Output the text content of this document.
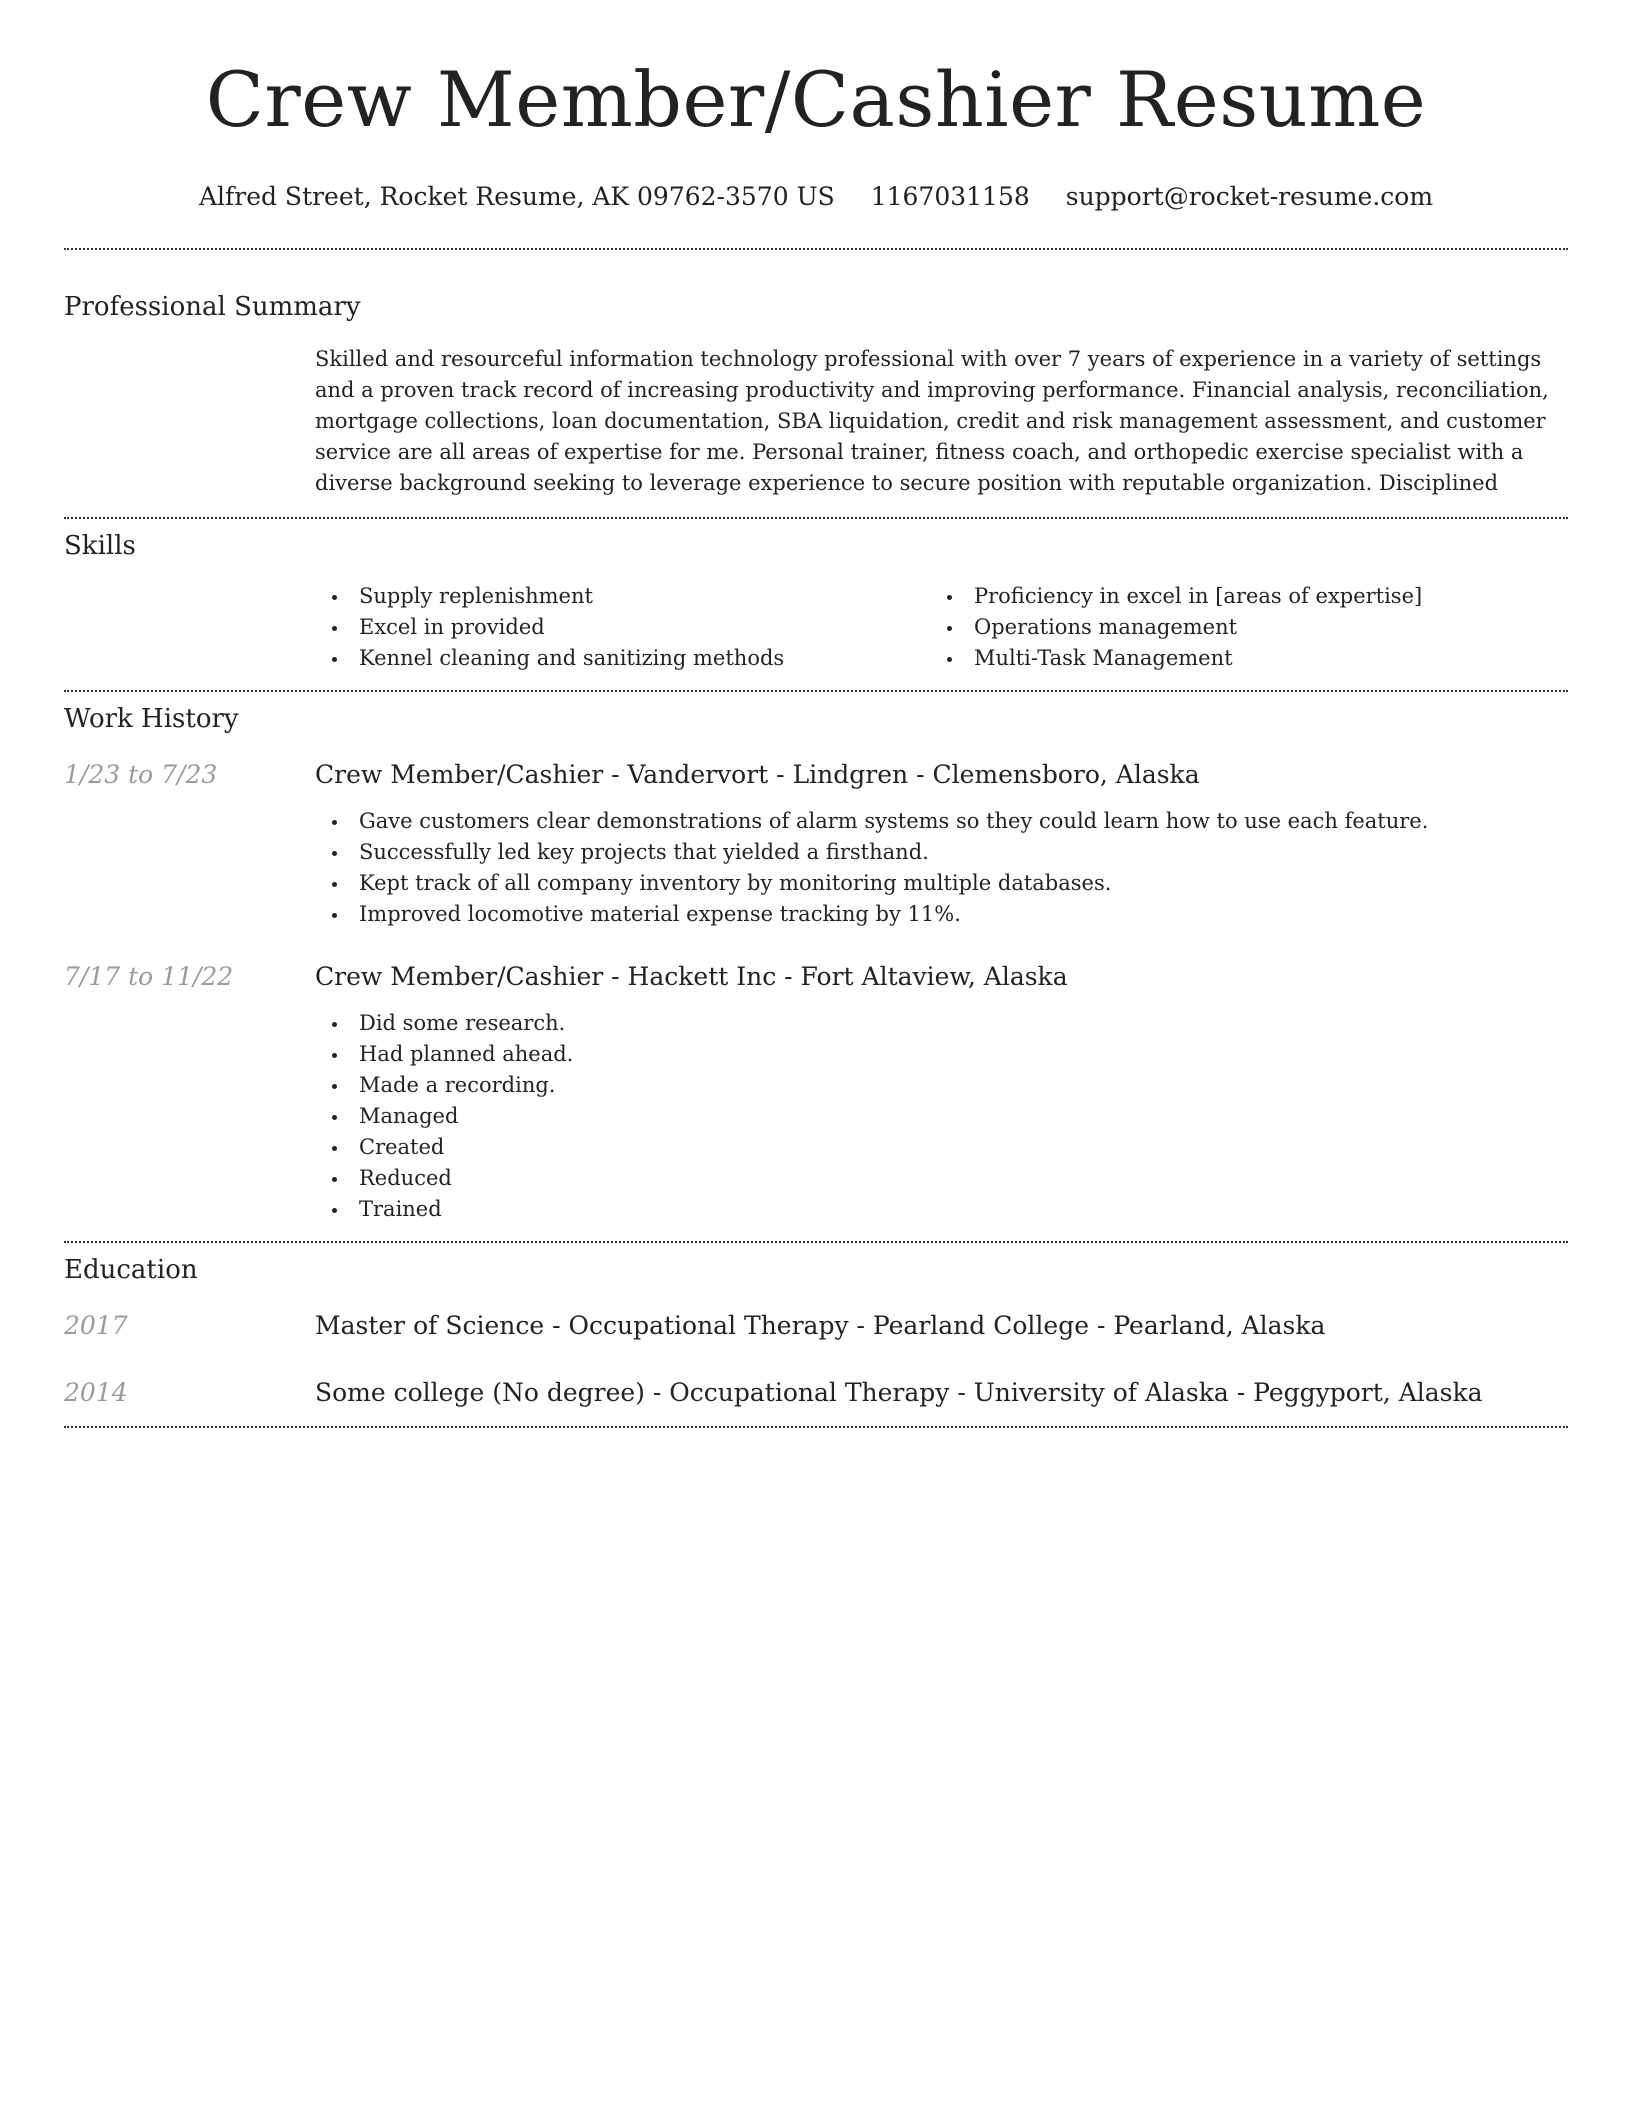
Crew Member/Cashier Resume
Alfred Street, Rocket Resume, AK 09762-3570 US 1167031158 support@rocket-resume.com
Professional Summary
Skilled and resourceful information technology professional with over 7 years of experience in a variety of settings and a proven track record of increasing productivity and improving performance. Financial analysis, reconciliation, mortgage collections, loan documentation, SBA liquidation, credit and risk management assessment, and customer service are all areas of expertise for me. Personal trainer, fitness coach, and orthopedic exercise specialist with a diverse background seeking to leverage experience to secure position with reputable organization. Disciplined
Skills
Supply replenishment
Excel in provided
Kennel cleaning and sanitizing methods
Proficiency in excel in [areas of expertise]
Operations management
Multi-Task Management
Work History
1/23 to 7/23	Crew Member/Cashier - Vandervort - Lindgren - Clemensboro, Alaska
Gave customers clear demonstrations of alarm systems so they could learn how to use each feature.
Successfully led key projects that yielded a firsthand.
Kept track of all company inventory by monitoring multiple databases.
Improved locomotive material expense tracking by 11%.
7/17 to 11/22	Crew Member/Cashier - Hackett Inc - Fort Altaview, Alaska
Did some research.
Had planned ahead.
Made a recording.
Managed
Created
Reduced
Trained
Education
2017	Master of Science - Occupational Therapy - Pearland College - Pearland, Alaska
2014	Some college (No degree) - Occupational Therapy - University of Alaska - Peggyport, Alaska
